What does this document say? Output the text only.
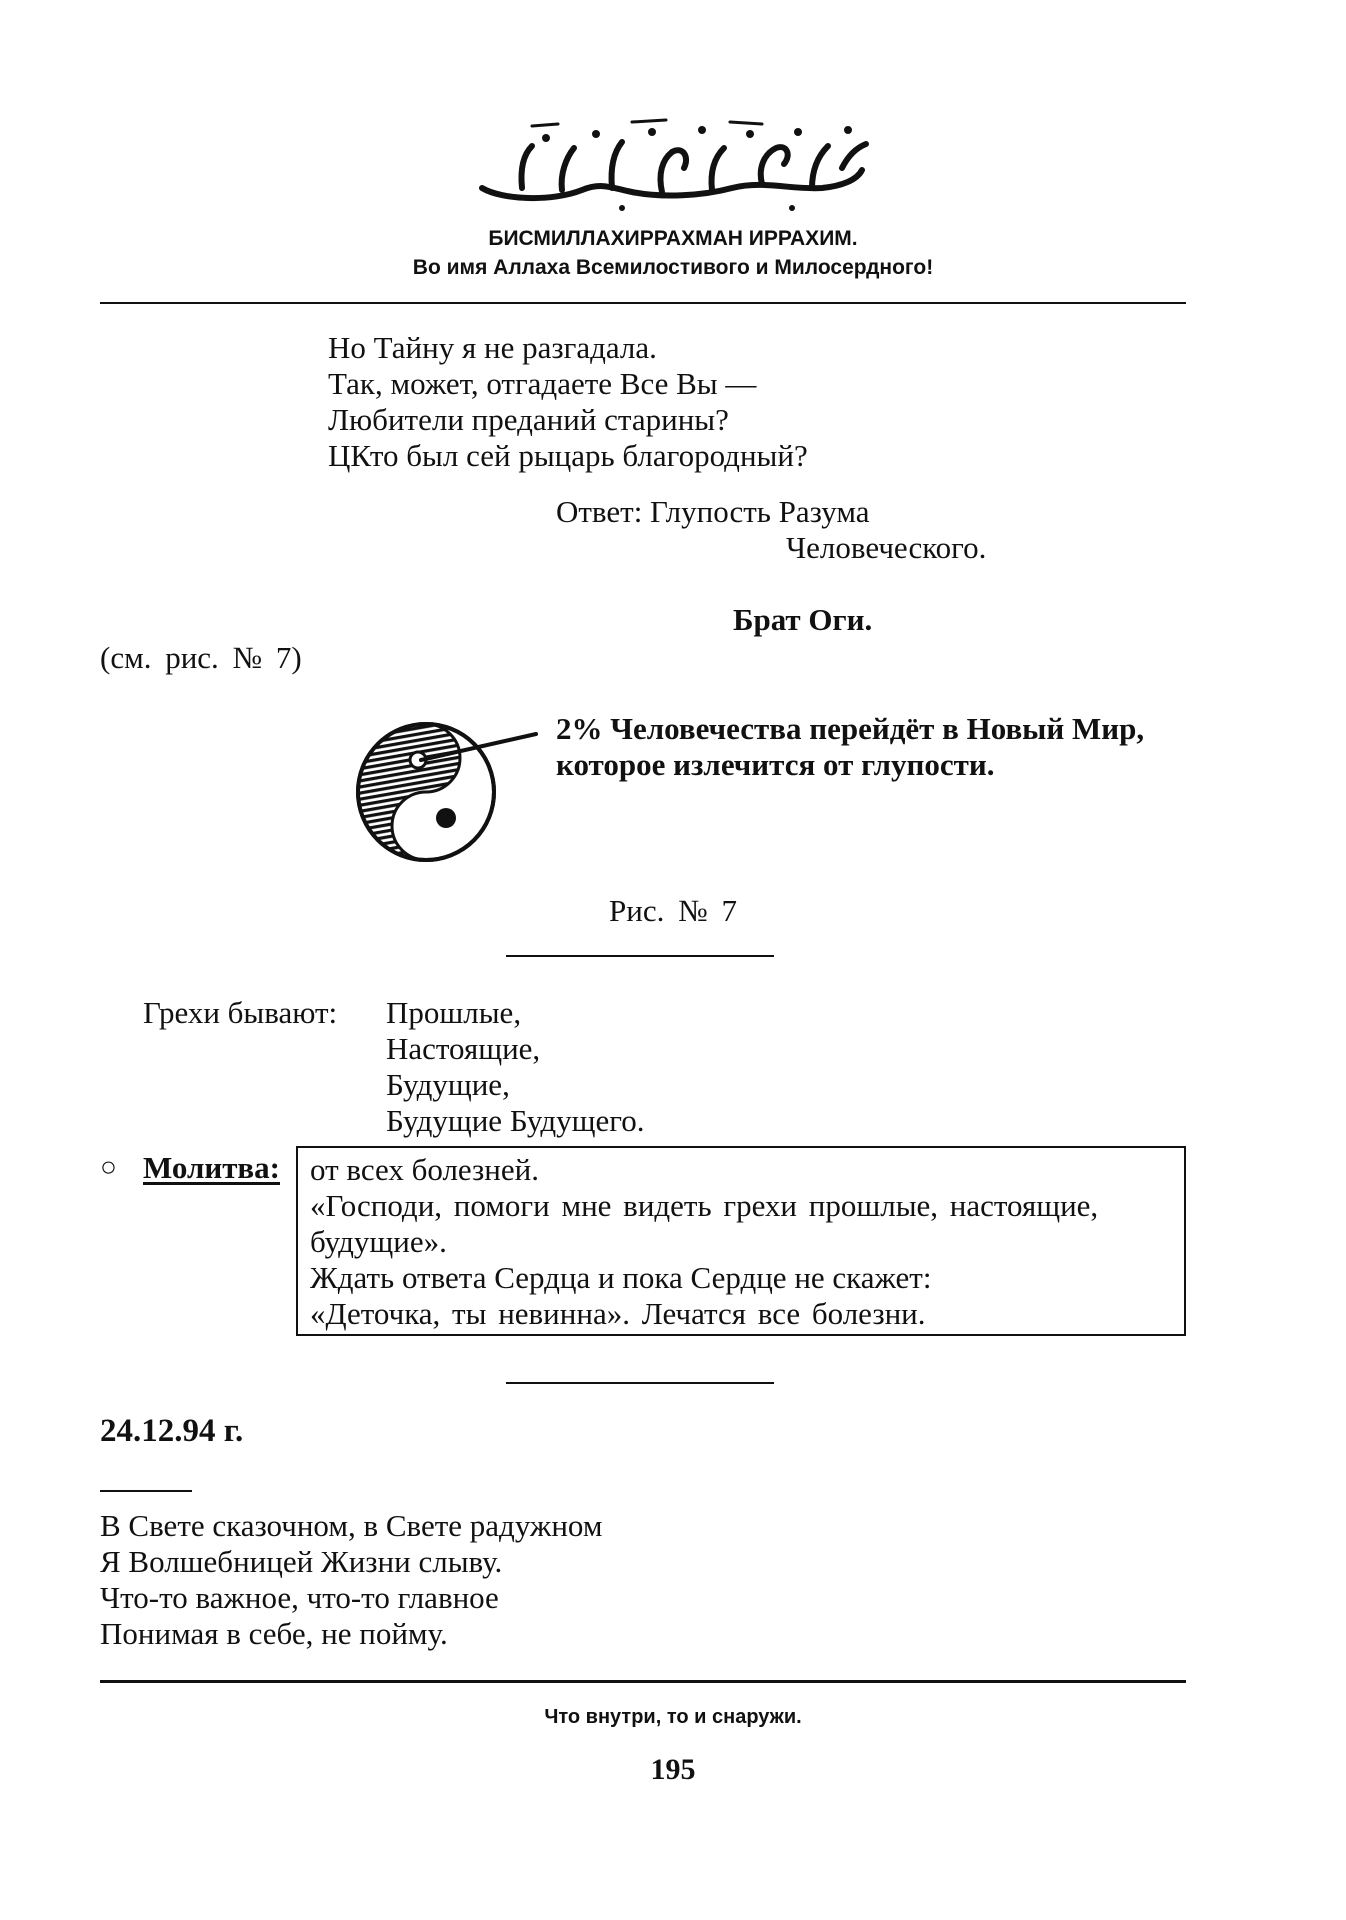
БИСМИЛЛАХИРРАХМАН ИРРАХИМ.
Во имя Аллаха Всемилостивого и Милосердного!
Но Тайну я не разгадала.
Так, может, отгадаете Все Вы —
Любители преданий старины?
ЦКто был сей рыцарь благородный?
Ответ: Глупость Разума
Человеческого.
Брат Оги.
(см. рис. № 7)
2% Человечества перейдёт в Новый Мир,
которое излечится от глупости.
Рис. № 7
Грехи бывают: Прошлые,
Настоящие,
Будущие,
Будущие Будущего.
○ Молитва: от всех болезней.
«Господи, помоги мне видеть грехи прошлые, настоящие,
будущие».
Ждать ответа Сердца и пока Сердце не скажет:
«Деточка, ты невинна». Лечатся все болезни.
24.12.94 г.
В Свете сказочном, в Свете радужном
Я Волшебницей Жизни слыву.
Что-то важное, что-то главное
Понимая в себе, не пойму.
Что внутри, то и снаружи.
195
